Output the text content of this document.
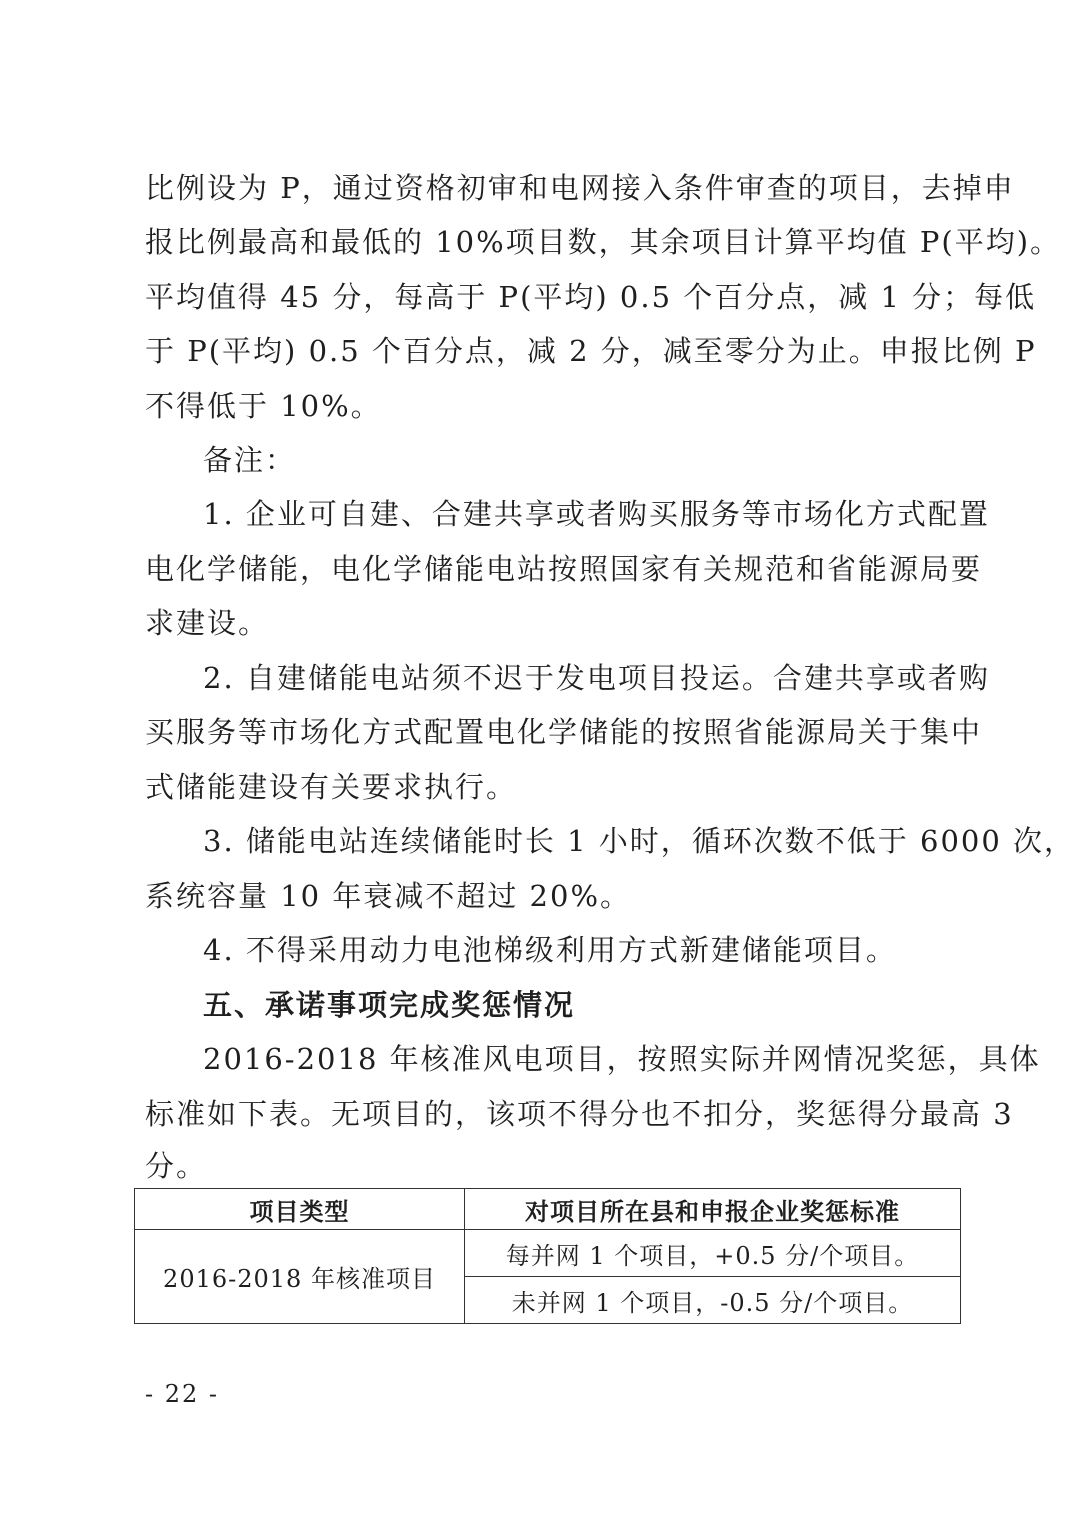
比例设为 P，通过资格初审和电网接入条件审查的项目，去掉申
报比例最高和最低的 10%项目数，其余项目计算平均值 P(平均)。
平均值得 45 分，每高于 P(平均) 0.5 个百分点，减 1 分；每低
于 P(平均) 0.5 个百分点，减 2 分，减至零分为止。申报比例 P
不得低于 10%。
备注：
1. 企业可自建、合建共享或者购买服务等市场化方式配置
电化学储能，电化学储能电站按照国家有关规范和省能源局要
求建设。
2. 自建储能电站须不迟于发电项目投运。合建共享或者购
买服务等市场化方式配置电化学储能的按照省能源局关于集中
式储能建设有关要求执行。
3. 储能电站连续储能时长 1 小时，循环次数不低于 6000 次，
系统容量 10 年衰减不超过 20%。
4. 不得采用动力电池梯级利用方式新建储能项目。
五、承诺事项完成奖惩情况
2016-2018 年核准风电项目，按照实际并网情况奖惩，具体
标准如下表。无项目的，该项不得分也不扣分，奖惩得分最高 3
分。
项目类型	对项目所在县和申报企业奖惩标准
2016-2018 年核准项目	每并网 1 个项目，+0.5 分/个项目。
	未并网 1 个项目，-0.5 分/个项目。
- 22 -
